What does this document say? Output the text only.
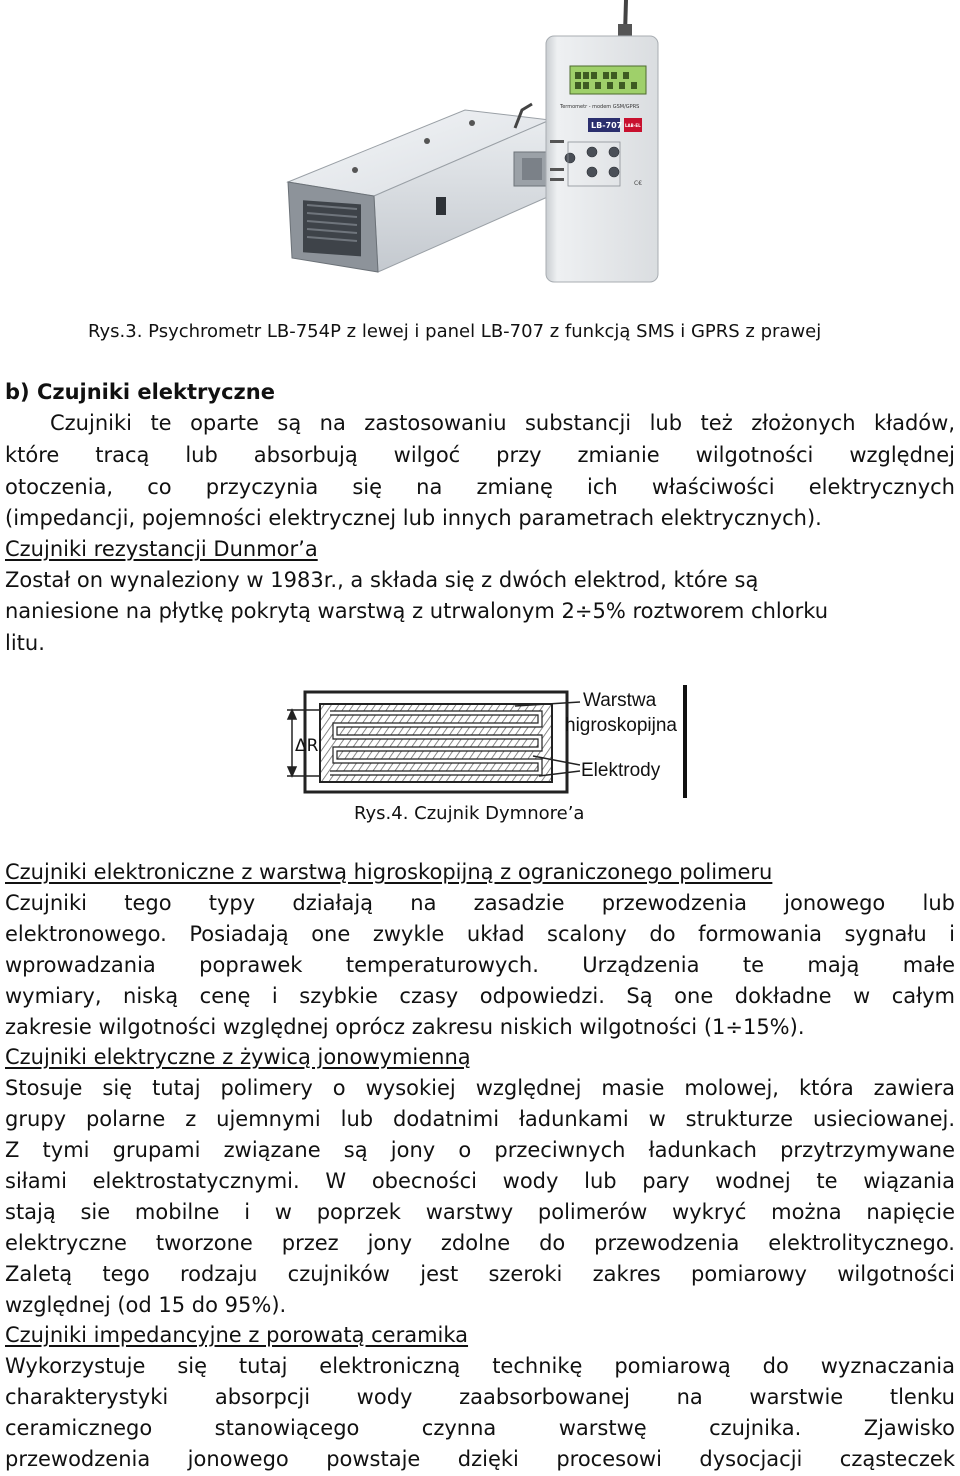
Termometr - modem GSM/GPRS
LB-707 LAB-EL
C€
Rys.3. Psychrometr LB-754P z lewej i panel LB-707 z funkcją SMS i GPRS z prawej
b) Czujniki elektryczne
Czujniki te oparte są na zastosowaniu substancji lub też złożonych kładów,
które tracą lub absorbują wilgoć przy zmianie wilgotności względnej
otoczenia, co przyczynia się na zmianę ich właściwości elektrycznych
(impedancji, pojemności elektrycznej lub innych parametrach elektrycznych).
Czujniki rezystancji Dunmor’a
Został on wynaleziony w 1983r., a składa się z dwóch elektrod, które są
naniesione na płytkę pokrytą warstwą z utrwalonym 2÷5% roztworem chlorku
litu.
ΔR
Warstwa
higroskopijna
Elektrody
Rys.4. Czujnik Dymnore’a
Czujniki elektroniczne z warstwą higroskopijną z ograniczonego polimeru
Czujniki tego typy działają na zasadzie przewodzenia jonowego lub
elektronowego. Posiadają one zwykle układ scalony do formowania sygnału i
wprowadzania poprawek temperaturowych. Urządzenia te mają małe
wymiary, niską cenę i szybkie czasy odpowiedzi. Są one dokładne w całym
zakresie wilgotności względnej oprócz zakresu niskich wilgotności (1÷15%).
Czujniki elektryczne z żywicą jonowymienną
Stosuje się tutaj polimery o wysokiej względnej masie molowej, która zawiera
grupy polarne z ujemnymi lub dodatnimi ładunkami w strukturze usieciowanej.
Z tymi grupami związane są jony o przeciwnych ładunkach przytrzymywane
siłami elektrostatycznymi. W obecności wody lub pary wodnej te wiązania
stają sie mobilne i w poprzek warstwy polimerów wykryć można napięcie
elektryczne tworzone przez jony zdolne do przewodzenia elektrolitycznego.
Zaletą tego rodzaju czujników jest szeroki zakres pomiarowy wilgotności
względnej (od 15 do 95%).
Czujniki impedancyjne z porowatą ceramika
Wykorzystuje się tutaj elektroniczną technikę pomiarową do wyznaczania
charakterystyki absorpcji wody zaabsorbowanej na warstwie tlenku
ceramicznego stanowiącego czynna warstwę czujnika. Zjawisko
przewodzenia jonowego powstaje dzięki procesowi dysocjacji cząsteczek
